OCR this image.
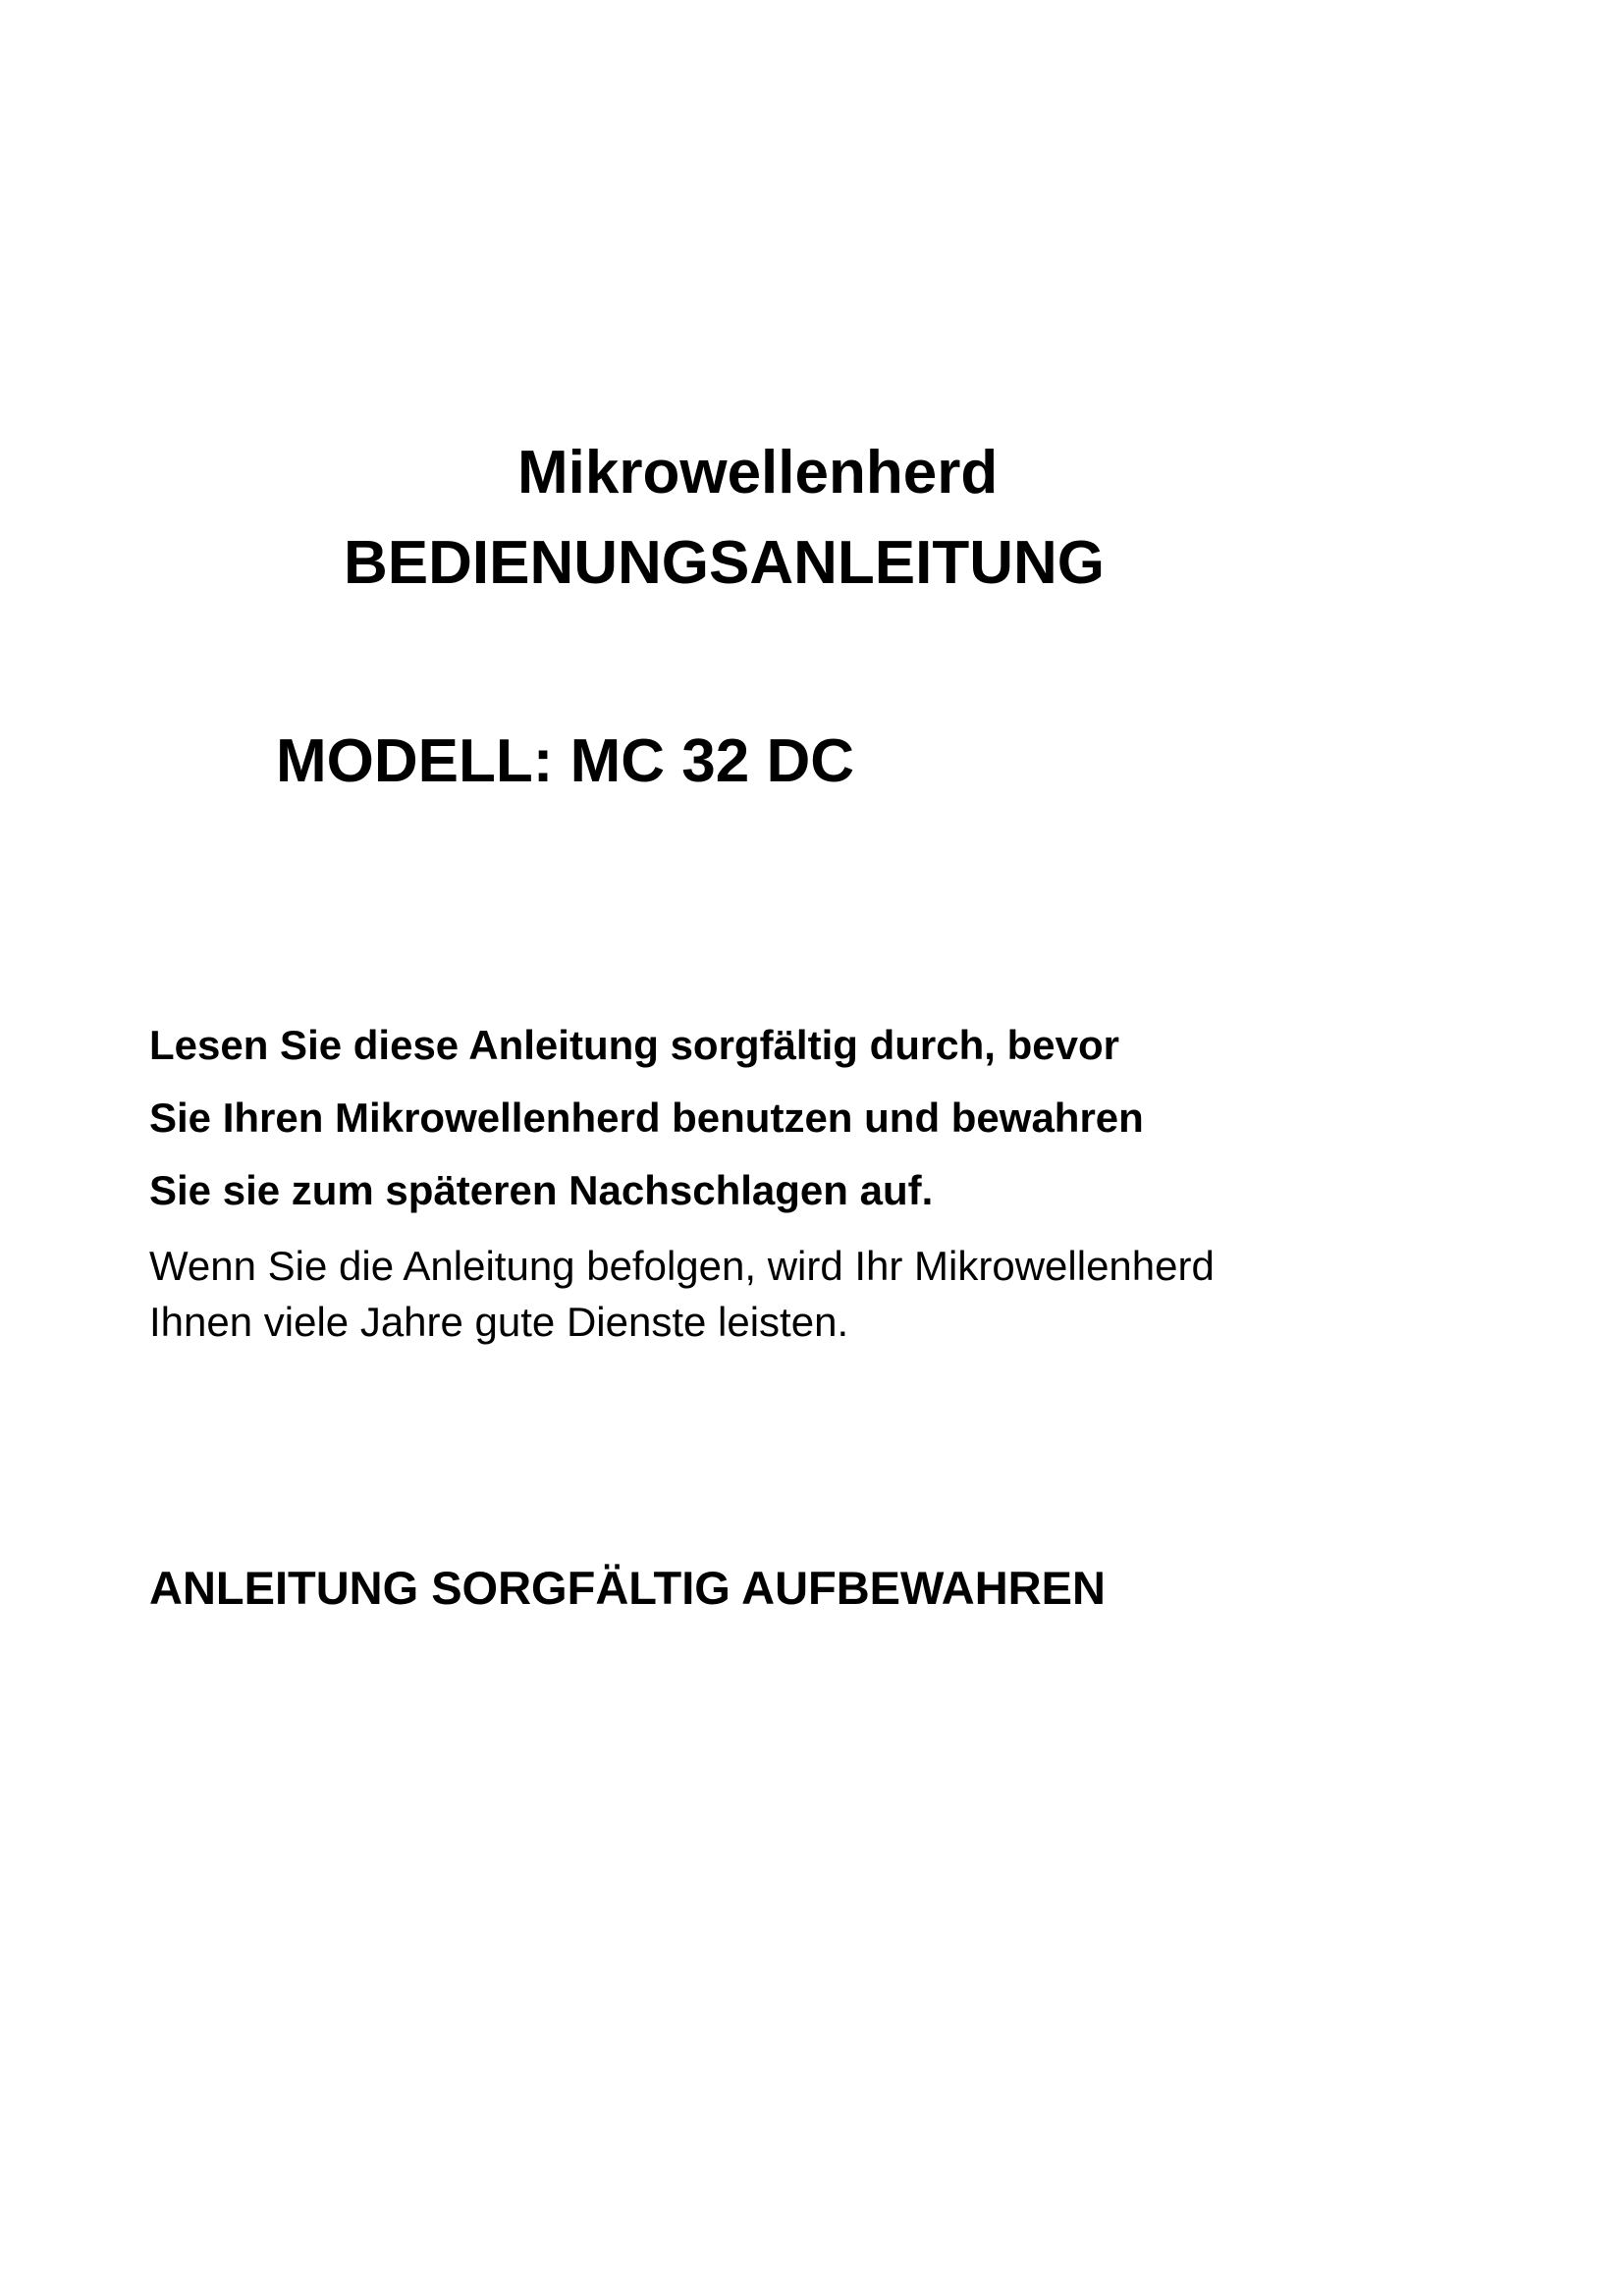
Mikrowellenherd
BEDIENUNGSANLEITUNG
MODELL: MC 32 DC
Lesen Sie diese Anleitung sorgfältig durch, bevor
Sie Ihren Mikrowellenherd benutzen und bewahren
Sie sie zum späteren Nachschlagen auf.
Wenn Sie die Anleitung befolgen, wird Ihr Mikrowellenherd
Ihnen viele Jahre gute Dienste leisten.
ANLEITUNG SORGFÄLTIG AUFBEWAHREN
